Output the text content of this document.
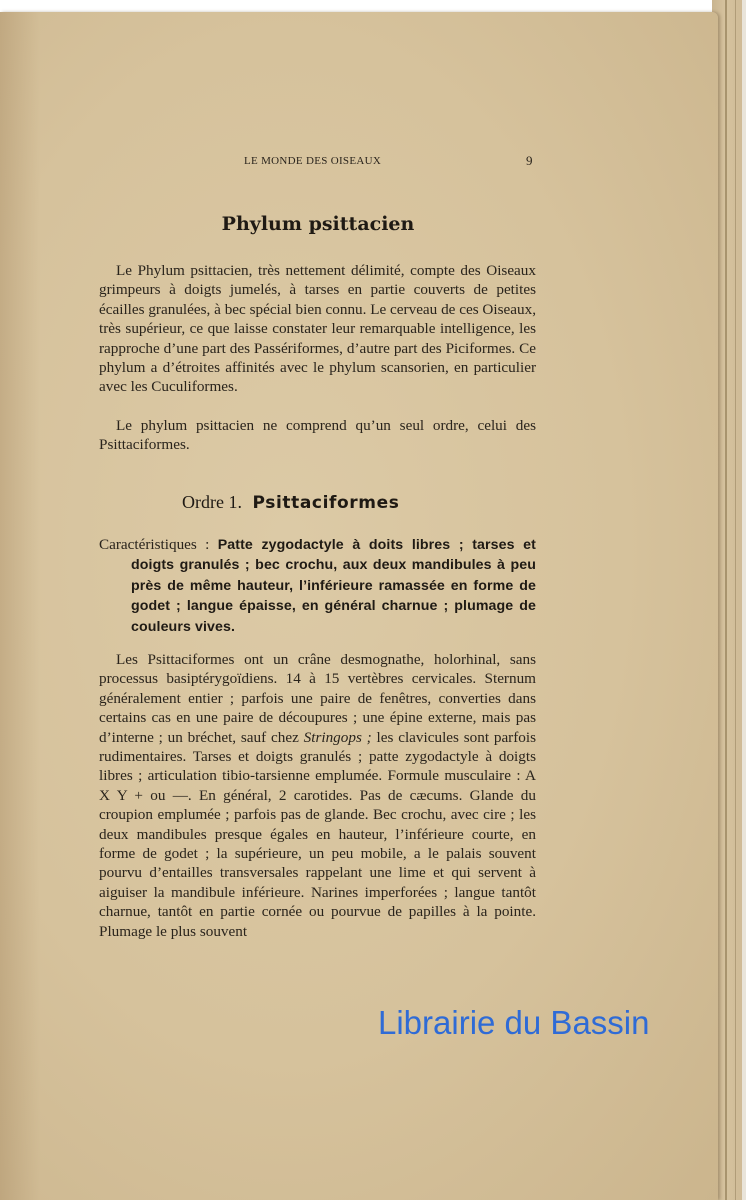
LE MONDE DES OISEAUX	9
Phylum psittacien

Le Phylum psittacien, très nettement délimité, compte des Oiseaux grimpeurs à doigts jumelés, à tarses en partie couverts de petites écailles granulées, à bec spécial bien connu. Le cerveau de ces Oiseaux, très supérieur, ce que laisse constater leur remarquable intelligence, les rapproche d’une part des Passériformes, d’autre part des Piciformes. Ce phylum a d’étroites affinités avec le phylum scansorien, en particulier avec les Cuculiformes.

Le phylum psittacien ne comprend qu’un seul ordre, celui des Psittaciformes.

Ordre 1. Psittaciformes

Caractéristiques : Patte zygodactyle à doits libres ; tarses et doigts granulés ; bec crochu, aux deux mandibules à peu près de même hauteur, l’inférieure ramassée en forme de godet ; langue épaisse, en général charnue ; plumage de couleurs vives.

Les Psittaciformes ont un crâne desmognathe, holorhinal, sans processus basiptérygoïdiens. 14 à 15 vertèbres cervicales. Sternum généralement entier ; parfois une paire de fenêtres, converties dans certains cas en une paire de découpures ; une épine externe, mais pas d’interne ; un bréchet, sauf chez Stringops ; les clavicules sont parfois rudimentaires. Tarses et doigts granulés ; patte zygodactyle à doigts libres ; articulation tibio-tarsienne emplumée. Formule musculaire : A X Y + ou —. En général, 2 carotides. Pas de cæcums. Glande du croupion emplumée ; parfois pas de glande. Bec crochu, avec cire ; les deux mandibules presque égales en hauteur, l’inférieure courte, en forme de godet ; la supérieure, un peu mobile, a le palais souvent pourvu d’entailles transversales rappelant une lime et qui servent à aiguiser la mandibule inférieure. Narines imperforées ; langue tantôt charnue, tantôt en partie cornée ou pourvue de papilles à la pointe. Plumage le plus souvent

Librairie du Bassin
